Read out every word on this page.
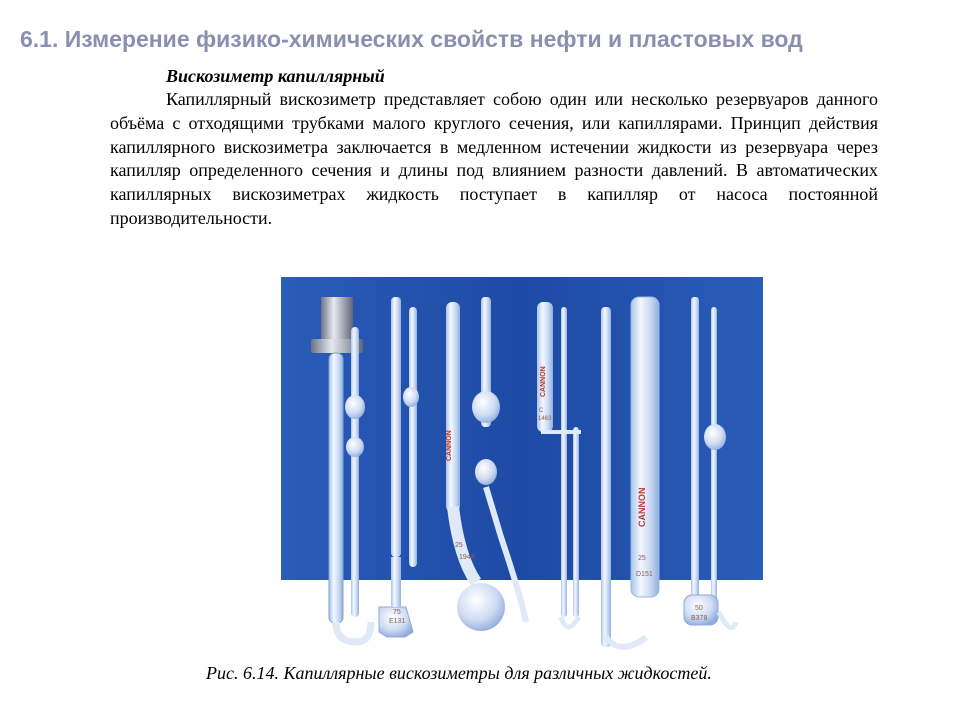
6.1. Измерение физико-химических свойств нефти и пластовых вод
Вискозиметр капиллярный

Капиллярный вискозиметр представляет собою один или несколько резервуаров данного объёма с отходящими трубками малого круглого сечения, или капиллярами. Принцип действия капиллярного вискозиметра заключается в медленном истечении жидкости из резервуара через капилляр определенного сечения и длины под влиянием разности давлений. В автоматических капиллярных вискозиметрах жидкость поступает в капилляр от насоса постоянной производительности.

75
E131
25
1944
CANNON
CANNON
C
1463
CANNON
25
D151
50
B378
Рис. 6.14. Капиллярные вискозиметры для различных жидкостей.
